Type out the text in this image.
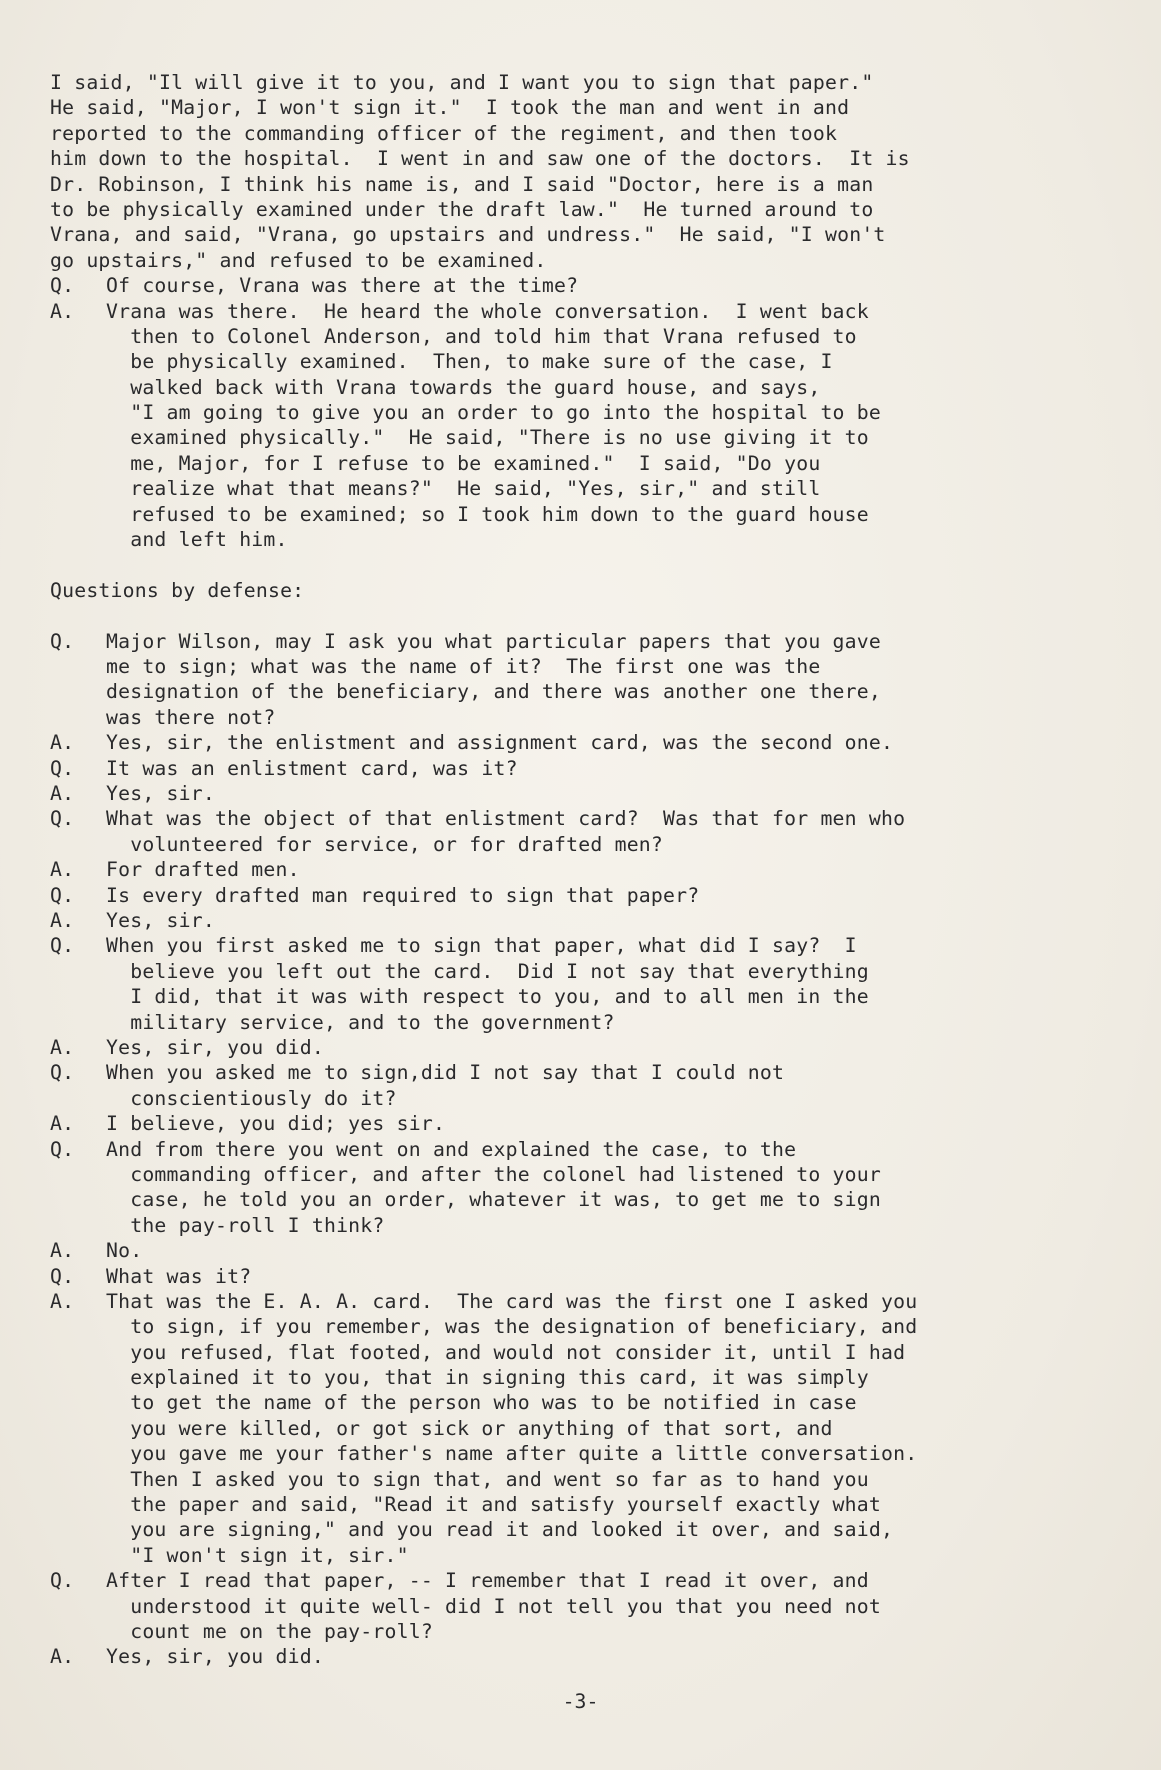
I said, "Il will give it to you, and I want you to sign that paper."
He said, "Major, I won't sign it."  I took the man and went in and
reported to the commanding officer of the regiment, and then took
him down to the hospital.  I went in and saw one of the doctors.  It is
Dr. Robinson, I think his name is, and I said "Doctor, here is a man
to be physically examined under the draft law."  He turned around to
Vrana, and said, "Vrana, go upstairs and undress."  He said, "I won't
go upstairs," and refused to be examined.
Q.	Of course, Vrana was there at the time?
A.	Vrana was there.  He heard the whole conversation.  I went back
then to Colonel Anderson, and told him that Vrana refused to
be physically examined.  Then, to make sure of the case, I
walked back with Vrana towards the guard house, and says,
"I am going to give you an order to go into the hospital to be
examined physically."  He said, "There is no use giving it to
me, Major, for I refuse to be examined."  I said, "Do you
realize what that means?"  He said, "Yes, sir," and still
refused to be examined; so I took him down to the guard house
and left him.
Questions by defense:
Q.	Major Wilson, may I ask you what particular papers that you gave
me to sign; what was the name of it?  The first one was the
designation of the beneficiary, and there was another one there,
was there not?
A.	Yes, sir, the enlistment and assignment card, was the second one.
Q.	It was an enlistment card, was it?
A.	Yes, sir.
Q.	What was the object of that enlistment card?  Was that for men who
volunteered for service, or for drafted men?
A.	For drafted men.
Q.	Is every drafted man required to sign that paper?
A.	Yes, sir.
Q.	When you first asked me to sign that paper, what did I say?  I
believe you left out the card.  Did I not say that everything
I did, that it was with respect to you, and to all men in the
military service, and to the government?
A.	Yes, sir, you did.
Q.	When you asked me to sign,did I not say that I could not
conscientiously do it?
A.	I believe, you did; yes sir.
Q.	And from there you went on and explained the case, to the
commanding officer, and after the colonel had listened to your
case, he told you an order, whatever it was, to get me to sign
the pay-roll I think?
A.	No.
Q.	What was it?
A.	That was the E. A. A. card.  The card was the first one I asked you
to sign, if you remember, was the designation of beneficiary, and
you refused, flat footed, and would not consider it, until I had
explained it to you, that in signing this card, it was simply
to get the name of the person who was to be notified in case
you were killed, or got sick or anything of that sort, and
you gave me your father's name after quite a little conversation.
Then I asked you to sign that, and went so far as to hand you
the paper and said, "Read it and satisfy yourself exactly what
you are signing," and you read it and looked it over, and said,
"I won't sign it, sir."
Q.	After I read that paper, -- I remember that I read it over, and
understood it quite well- did I not tell you that you need not
count me on the pay-roll?
A.	Yes, sir, you did.
-3-
